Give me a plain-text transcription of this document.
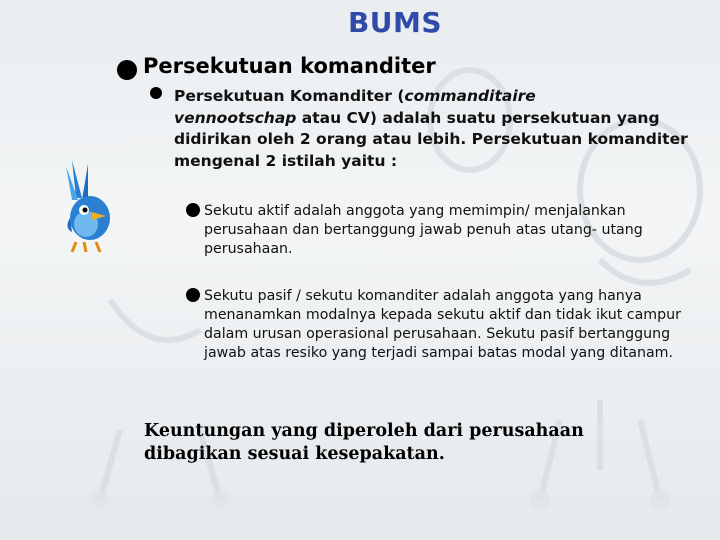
BUMS
Persekutuan komanditer
Persekutuan Komanditer (commanditaire
vennootschap atau CV) adalah suatu persekutuan yang didirikan oleh 2 orang atau lebih. Persekutuan komanditer mengenal 2 istilah yaitu :
Sekutu aktif adalah anggota yang memimpin/ menjalankan perusahaan dan bertanggung jawab penuh atas utang- utang perusahaan.
Sekutu pasif / sekutu komanditer adalah anggota yang hanya menanamkan modalnya kepada sekutu aktif dan tidak ikut campur dalam urusan operasional perusahaan. Sekutu pasif bertanggung jawab atas resiko yang terjadi sampai batas modal yang ditanam.
Keuntungan yang diperoleh dari perusahaan dibagikan sesuai kesepakatan.
